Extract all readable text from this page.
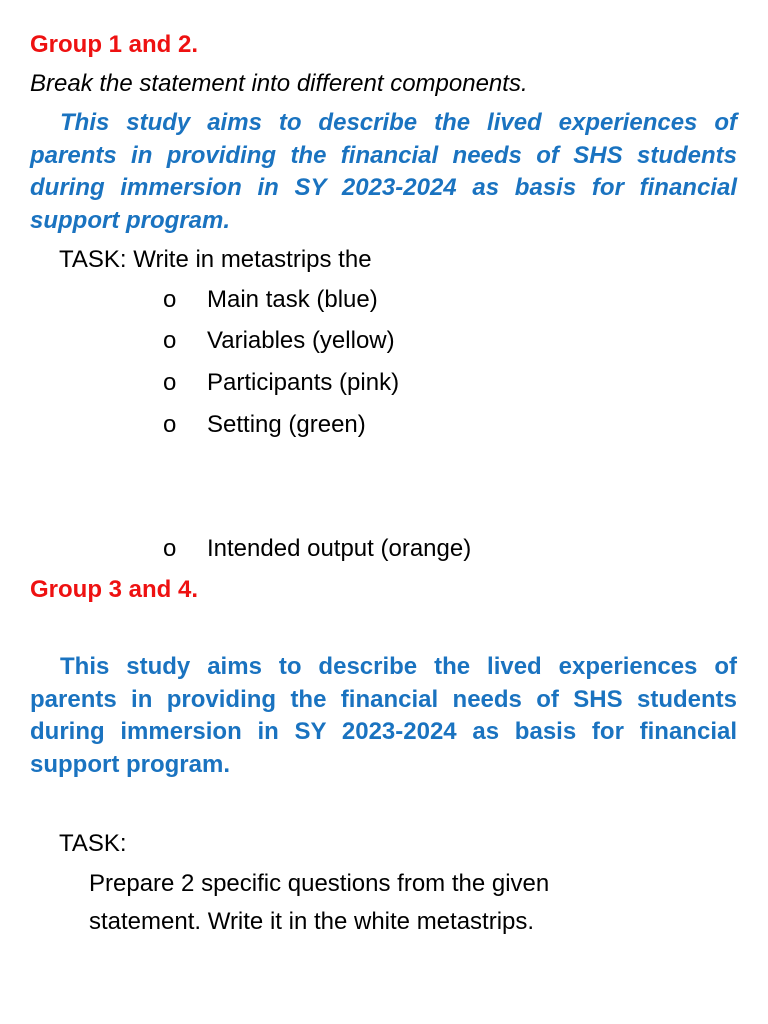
Group 1 and 2.
Break the statement into different components.

This study aims to describe the lived experiences of parents in providing the financial needs of SHS students during immersion in SY 2023-2024 as basis for financial support program.

TASK: Write in metastrips the
o Main task (blue)
o Variables (yellow)
o Participants (pink)
o Setting (green)
o Intended output (orange)
Group 3 and 4.

This study aims to describe the lived experiences of parents in providing the financial needs of SHS students during immersion in SY 2023-2024 as basis for financial support program.

TASK:
Prepare 2 specific questions from the given
statement. Write it in the white metastrips.
